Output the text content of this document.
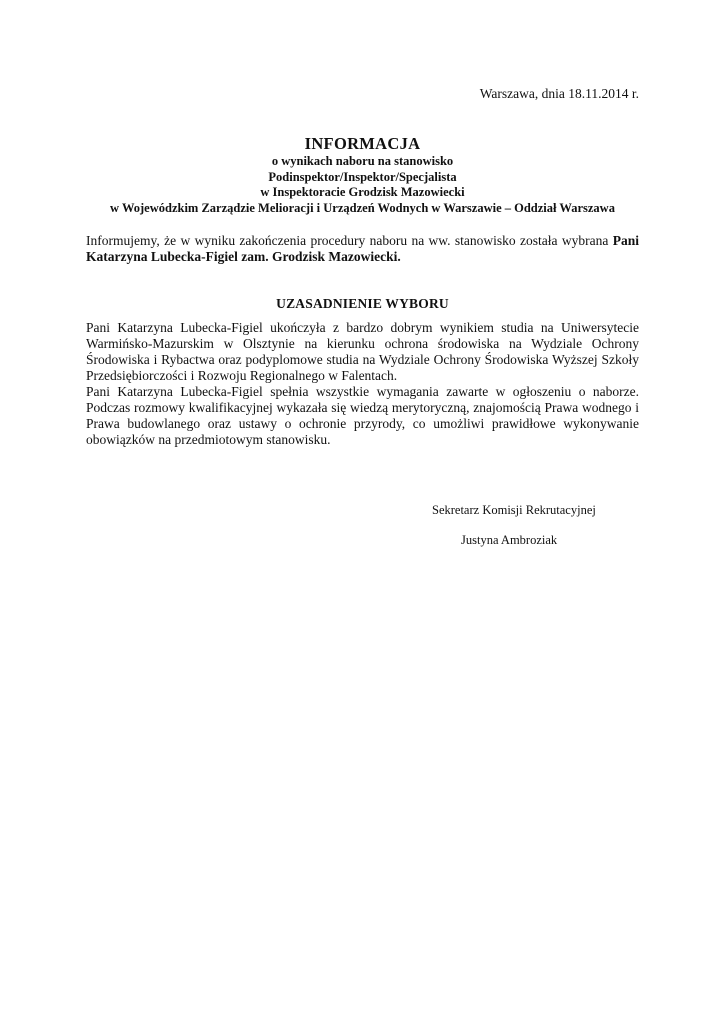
Warszawa, dnia 18.11.2014 r.
INFORMACJA
o wynikach naboru na stanowisko
Podinspektor/Inspektor/Specjalista
w Inspektoracie Grodzisk Mazowiecki
w Wojewódzkim Zarządzie Melioracji i Urządzeń Wodnych w Warszawie – Oddział Warszawa
Informujemy, że w wyniku zakończenia procedury naboru na ww. stanowisko została wybrana Pani Katarzyna Lubecka-Figiel zam. Grodzisk Mazowiecki.
UZASADNIENIE WYBORU

Pani Katarzyna Lubecka-Figiel ukończyła z bardzo dobrym wynikiem studia na Uniwersytecie Warmińsko-Mazurskim w Olsztynie na kierunku ochrona środowiska na Wydziale Ochrony Środowiska i Rybactwa oraz podyplomowe studia na Wydziale Ochrony Środowiska Wyższej Szkoły Przedsiębiorczości i Rozwoju Regionalnego w Falentach.

Pani Katarzyna Lubecka-Figiel spełnia wszystkie wymagania zawarte w ogłoszeniu o naborze. Podczas rozmowy kwalifikacyjnej wykazała się wiedzą merytoryczną, znajomością Prawa wodnego i Prawa budowlanego oraz ustawy o ochronie przyrody, co umożliwi prawidłowe wykonywanie obowiązków na przedmiotowym stanowisku.

Sekretarz Komisji Rekrutacyjnej
Justyna Ambroziak
